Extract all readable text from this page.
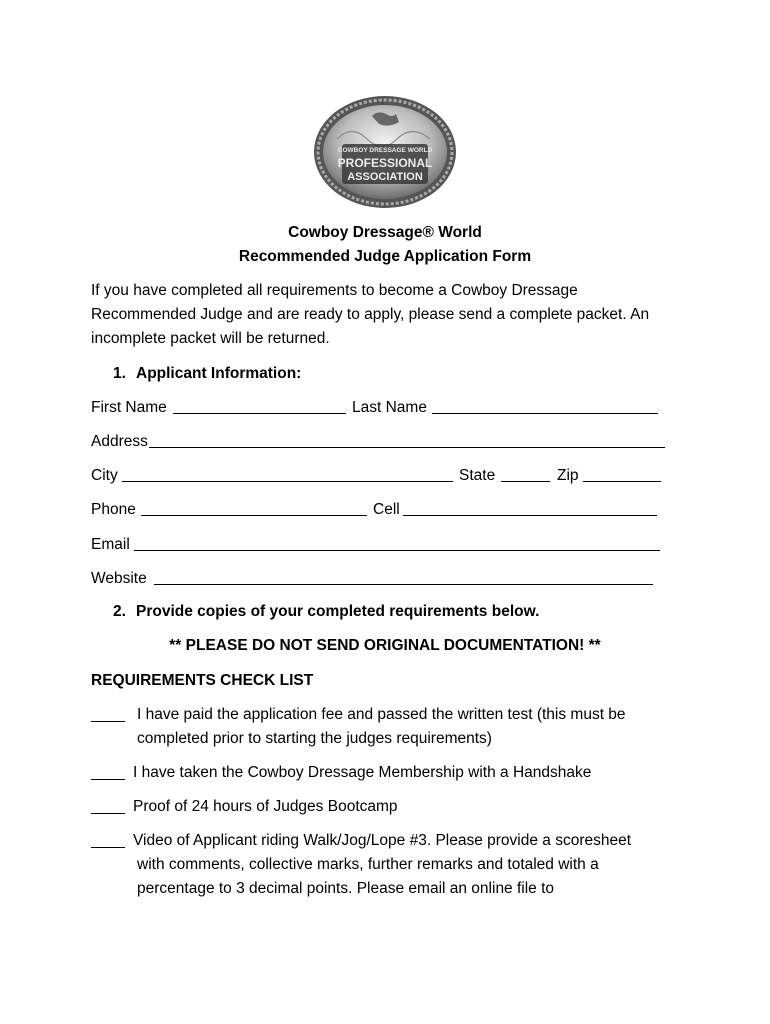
COWBOY DRESSAGE WORLD
PROFESSIONAL
ASSOCIATION
Cowboy Dressage® World
Recommended Judge Application Form
If you have completed all requirements to become a Cowboy Dressage
Recommended Judge and are ready to apply, please send a complete packet. An
incomplete packet will be returned.
1. Applicant Information:
First Name	Last Name
Address
City	State	Zip
Phone	Cell
Email
Website
2. Provide copies of your completed requirements below.
** PLEASE DO NOT SEND ORIGINAL DOCUMENTATION! **
REQUIREMENTS CHECK LIST
I have paid the application fee and passed the written test (this must be
completed prior to starting the judges requirements)
I have taken the Cowboy Dressage Membership with a Handshake
Proof of 24 hours of Judges Bootcamp
Video of Applicant riding Walk/Jog/Lope #3. Please provide a scoresheet
with comments, collective marks, further remarks and totaled with a
percentage to 3 decimal points. Please email an online file to
